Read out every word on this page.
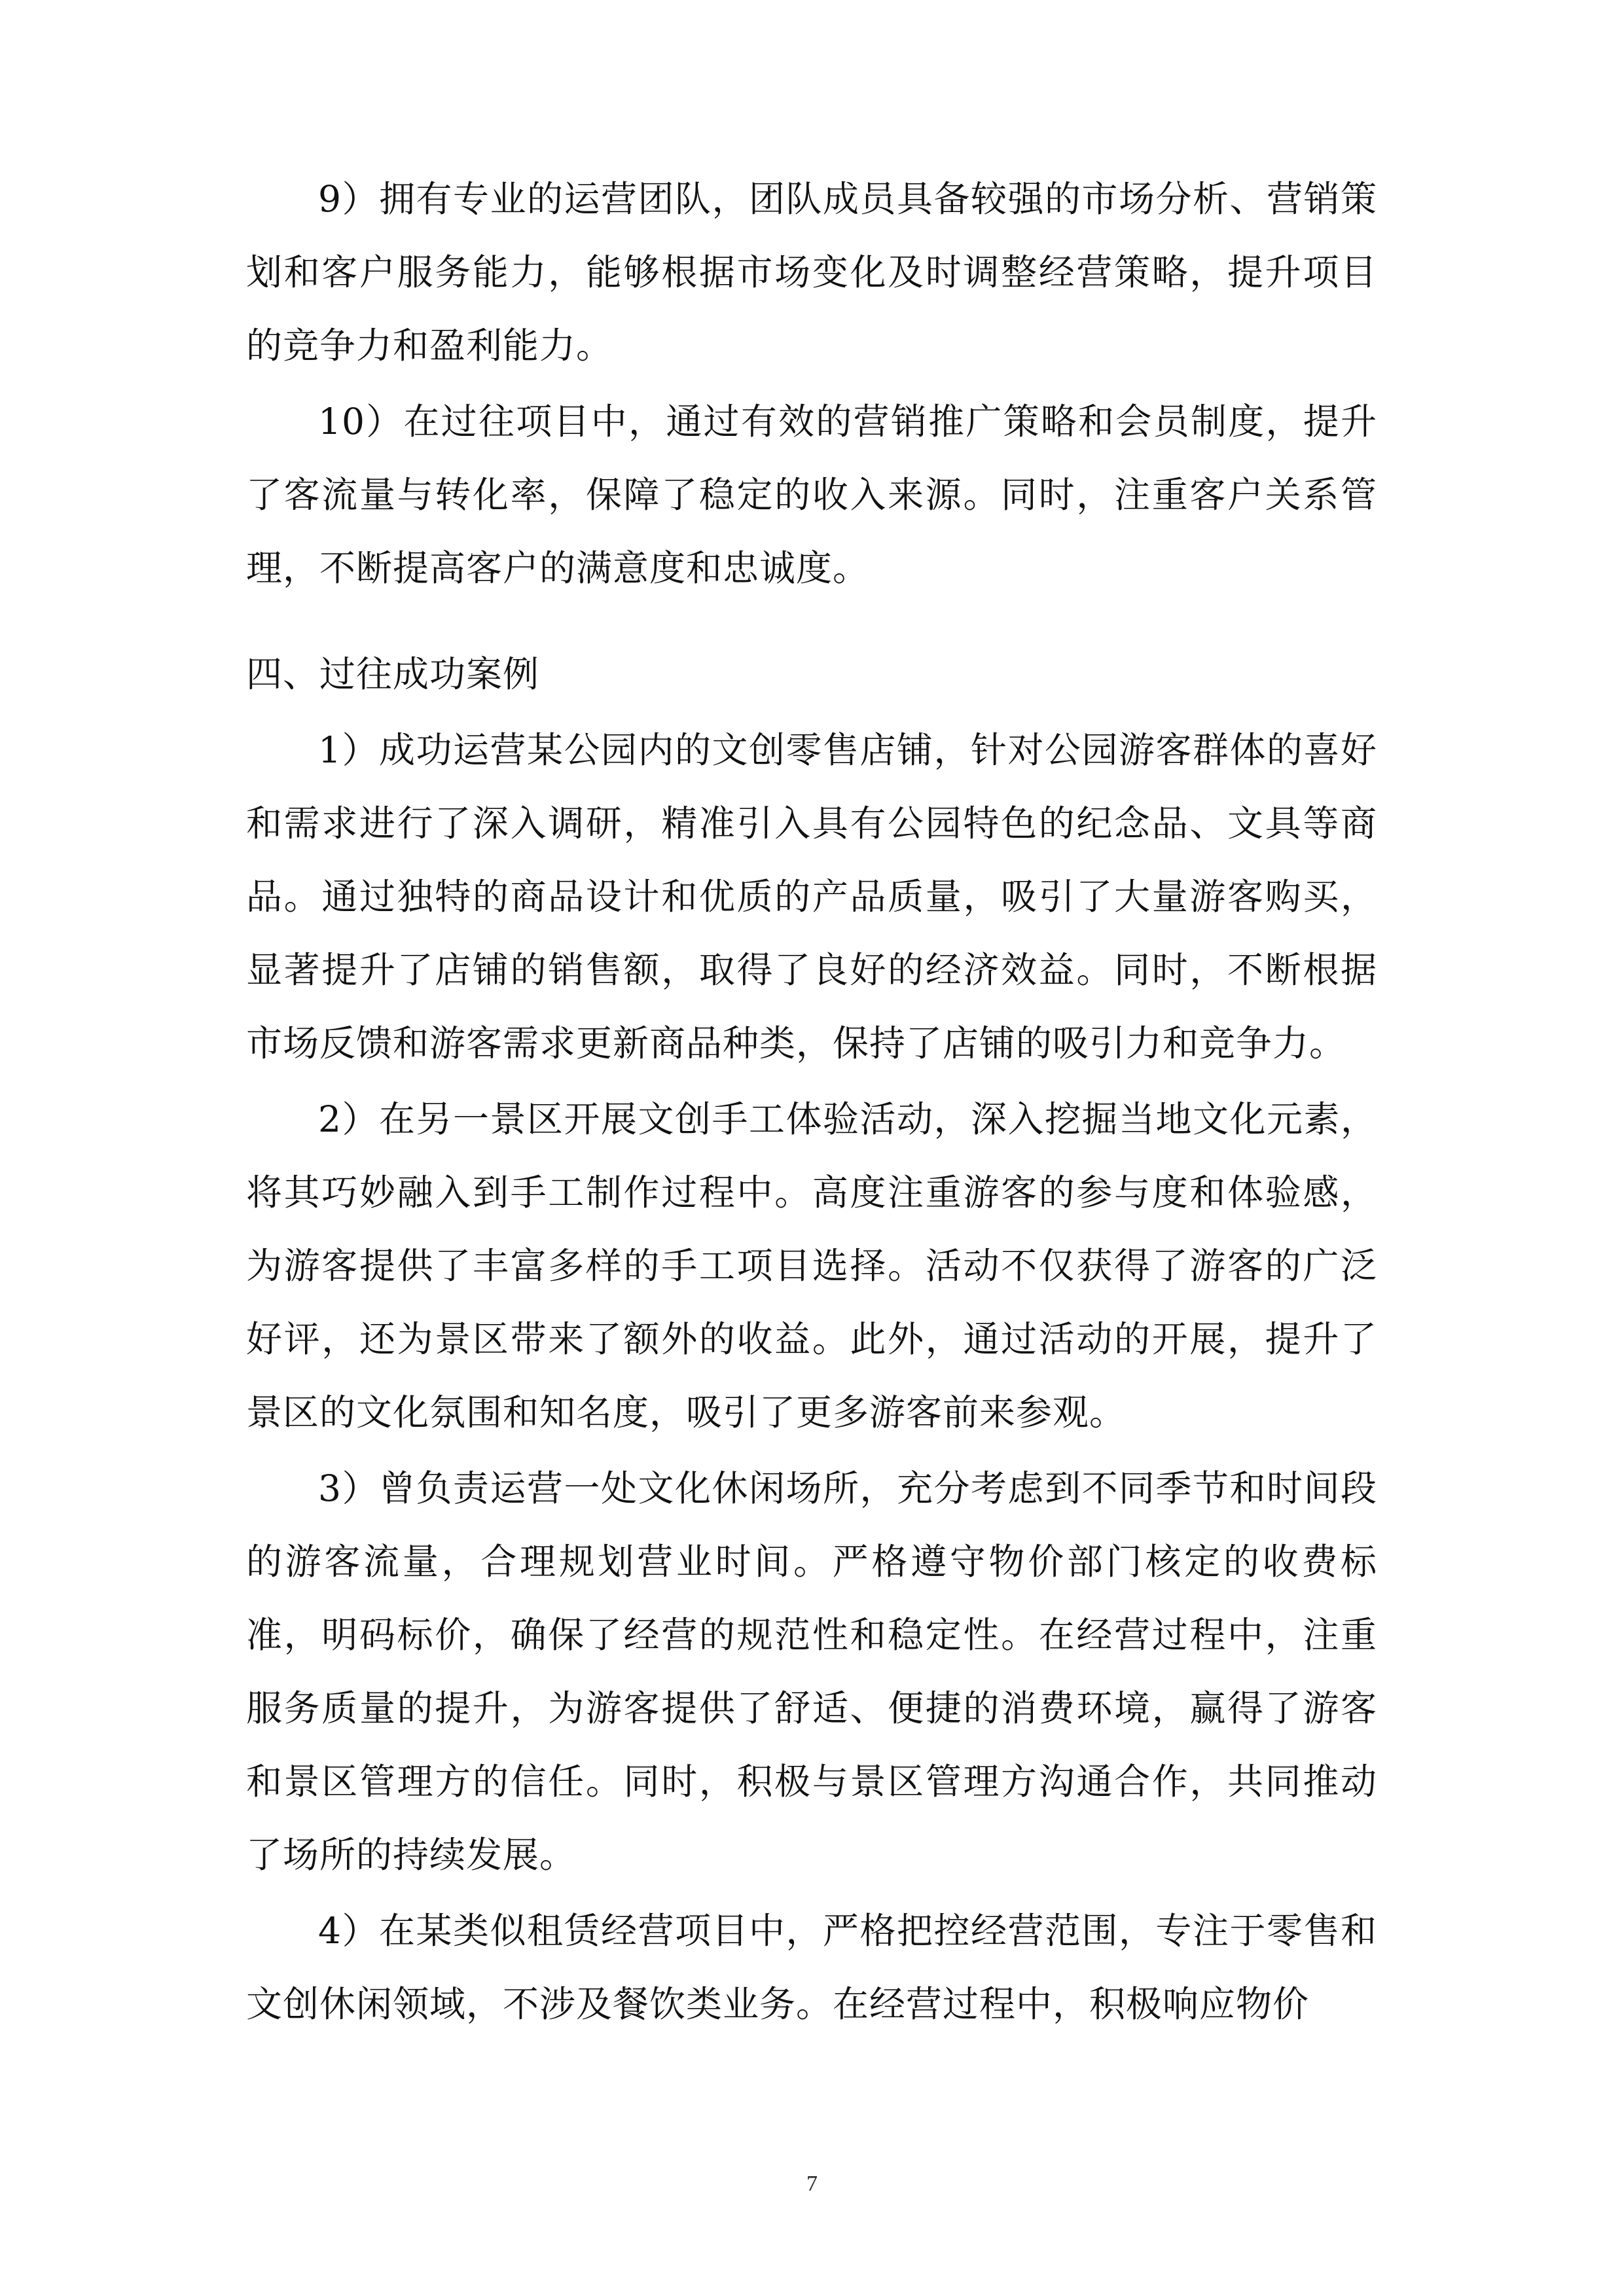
9）拥有专业的运营团队，团队成员具备较强的市场分析、营销策划和客户服务能力，能够根据市场变化及时调整经营策略，提升项目的竞争力和盈利能力。

10）在过往项目中，通过有效的营销推广策略和会员制度，提升了客流量与转化率，保障了稳定的收入来源。同时，注重客户关系管理，不断提高客户的满意度和忠诚度。

四、过往成功案例

1）成功运营某公园内的文创零售店铺，针对公园游客群体的喜好和需求进行了深入调研，精准引入具有公园特色的纪念品、文具等商品。通过独特的商品设计和优质的产品质量，吸引了大量游客购买，显著提升了店铺的销售额，取得了良好的经济效益。同时，不断根据市场反馈和游客需求更新商品种类，保持了店铺的吸引力和竞争力。

2）在另一景区开展文创手工体验活动，深入挖掘当地文化元素，将其巧妙融入到手工制作过程中。高度注重游客的参与度和体验感，为游客提供了丰富多样的手工项目选择。活动不仅获得了游客的广泛好评，还为景区带来了额外的收益。此外，通过活动的开展，提升了景区的文化氛围和知名度，吸引了更多游客前来参观。

3）曾负责运营一处文化休闲场所，充分考虑到不同季节和时间段的游客流量，合理规划营业时间。严格遵守物价部门核定的收费标准，明码标价，确保了经营的规范性和稳定性。在经营过程中，注重服务质量的提升，为游客提供了舒适、便捷的消费环境，赢得了游客和景区管理方的信任。同时，积极与景区管理方沟通合作，共同推动了场所的持续发展。

4）在某类似租赁经营项目中，严格把控经营范围，专注于零售和文创休闲领域，不涉及餐饮类业务。在经营过程中，积极响应物价

7
